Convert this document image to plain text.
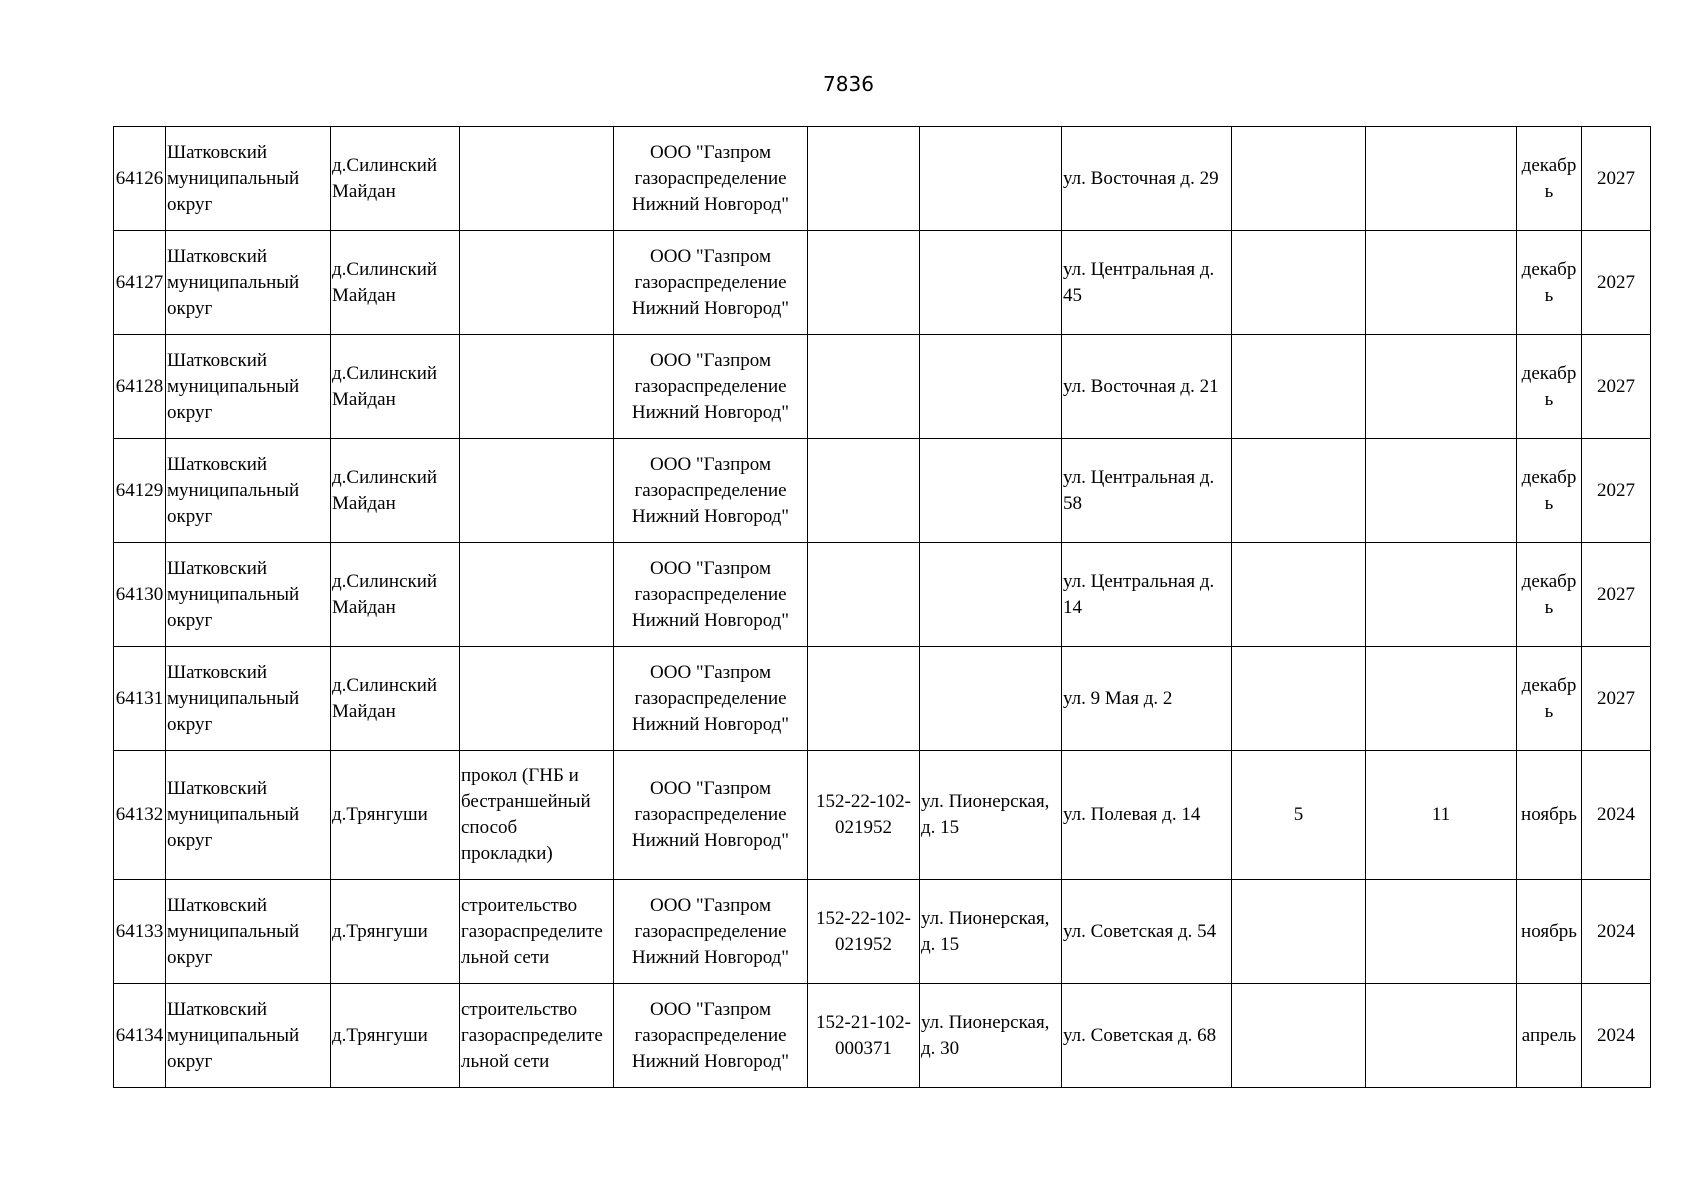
7836
64126	Шатковский муниципальный округ	д.Силинский Майдан		ООО "Газпром газораспределение Нижний Новгород"			ул. Восточная д. 29			декабрь	2027
64127	Шатковский муниципальный округ	д.Силинский Майдан		ООО "Газпром газораспределение Нижний Новгород"			ул. Центральная д. 45			декабрь	2027
64128	Шатковский муниципальный округ	д.Силинский Майдан		ООО "Газпром газораспределение Нижний Новгород"			ул. Восточная д. 21			декабрь	2027
64129	Шатковский муниципальный округ	д.Силинский Майдан		ООО "Газпром газораспределение Нижний Новгород"			ул. Центральная д. 58			декабрь	2027
64130	Шатковский муниципальный округ	д.Силинский Майдан		ООО "Газпром газораспределение Нижний Новгород"			ул. Центральная д. 14			декабрь	2027
64131	Шатковский муниципальный округ	д.Силинский Майдан		ООО "Газпром газораспределение Нижний Новгород"			ул. 9 Мая д. 2			декабрь	2027
64132	Шатковский муниципальный округ	д.Трянгуши	прокол (ГНБ и бестраншейный способ прокладки)	ООО "Газпром газораспределение Нижний Новгород"	152-22-102-021952	ул. Пионерская, д. 15	ул. Полевая д. 14	5	11	ноябрь	2024
64133	Шатковский муниципальный округ	д.Трянгуши	строительство газораспределительной сети	ООО "Газпром газораспределение Нижний Новгород"	152-22-102-021952	ул. Пионерская, д. 15	ул. Советская д. 54			ноябрь	2024
64134	Шатковский муниципальный округ	д.Трянгуши	строительство газораспределительной сети	ООО "Газпром газораспределение Нижний Новгород"	152-21-102-000371	ул. Пионерская, д. 30	ул. Советская д. 68			апрель	2024
